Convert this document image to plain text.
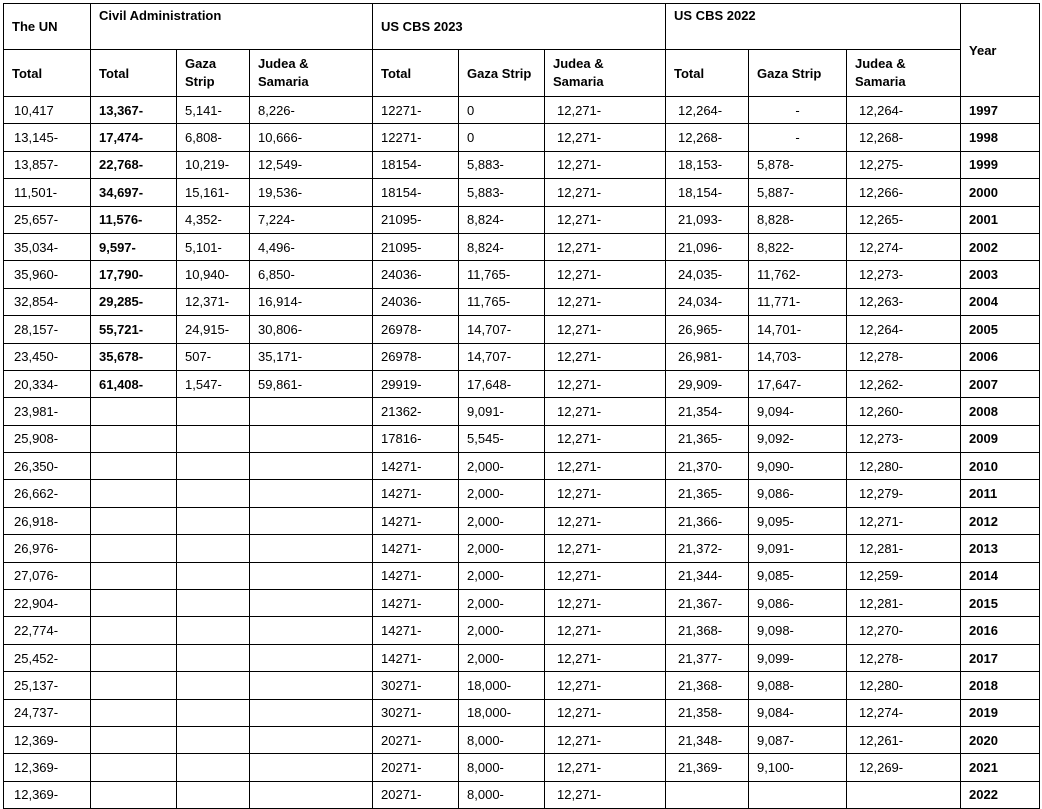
The UN	Civil Administration			US CBS 2023			US CBS 2022			Year
Total	Total	Gaza Strip	Judea & Samaria	Total	Gaza Strip	Judea & Samaria	Total	Gaza Strip	Judea & Samaria	

10,417	13,367-	5,141-	8,226-	12271-	0	12,271-	12,264-	-	12,264-	1997
13,145-	17,474-	6,808-	10,666-	12271-	0	12,271-	12,268-	-	12,268-	1998
13,857-	22,768-	10,219-	12,549-	18154-	5,883-	12,271-	18,153-	5,878-	12,275-	1999
11,501-	34,697-	15,161-	19,536-	18154-	5,883-	12,271-	18,154-	5,887-	12,266-	2000
25,657-	11,576-	4,352-	7,224-	21095-	8,824-	12,271-	21,093-	8,828-	12,265-	2001
35,034-	9,597-	5,101-	4,496-	21095-	8,824-	12,271-	21,096-	8,822-	12,274-	2002
35,960-	17,790-	10,940-	6,850-	24036-	11,765-	12,271-	24,035-	11,762-	12,273-	2003
32,854-	29,285-	12,371-	16,914-	24036-	11,765-	12,271-	24,034-	11,771-	12,263-	2004
28,157-	55,721-	24,915-	30,806-	26978-	14,707-	12,271-	26,965-	14,701-	12,264-	2005
23,450-	35,678-	507-	35,171-	26978-	14,707-	12,271-	26,981-	14,703-	12,278-	2006
20,334-	61,408-	1,547-	59,861-	29919-	17,648-	12,271-	29,909-	17,647-	12,262-	2007
23,981-				21362-	9,091-	12,271-	21,354-	9,094-	12,260-	2008
25,908-				17816-	5,545-	12,271-	21,365-	9,092-	12,273-	2009
26,350-				14271-	2,000-	12,271-	21,370-	9,090-	12,280-	2010
26,662-				14271-	2,000-	12,271-	21,365-	9,086-	12,279-	2011
26,918-				14271-	2,000-	12,271-	21,366-	9,095-	12,271-	2012
26,976-				14271-	2,000-	12,271-	21,372-	9,091-	12,281-	2013
27,076-				14271-	2,000-	12,271-	21,344-	9,085-	12,259-	2014
22,904-				14271-	2,000-	12,271-	21,367-	9,086-	12,281-	2015
22,774-				14271-	2,000-	12,271-	21,368-	9,098-	12,270-	2016
25,452-				14271-	2,000-	12,271-	21,377-	9,099-	12,278-	2017
25,137-				30271-	18,000-	12,271-	21,368-	9,088-	12,280-	2018
24,737-				30271-	18,000-	12,271-	21,358-	9,084-	12,274-	2019
12,369-				20271-	8,000-	12,271-	21,348-	9,087-	12,261-	2020
12,369-				20271-	8,000-	12,271-	21,369-	9,100-	12,269-	2021
12,369-				20271-	8,000-	12,271-				2022
